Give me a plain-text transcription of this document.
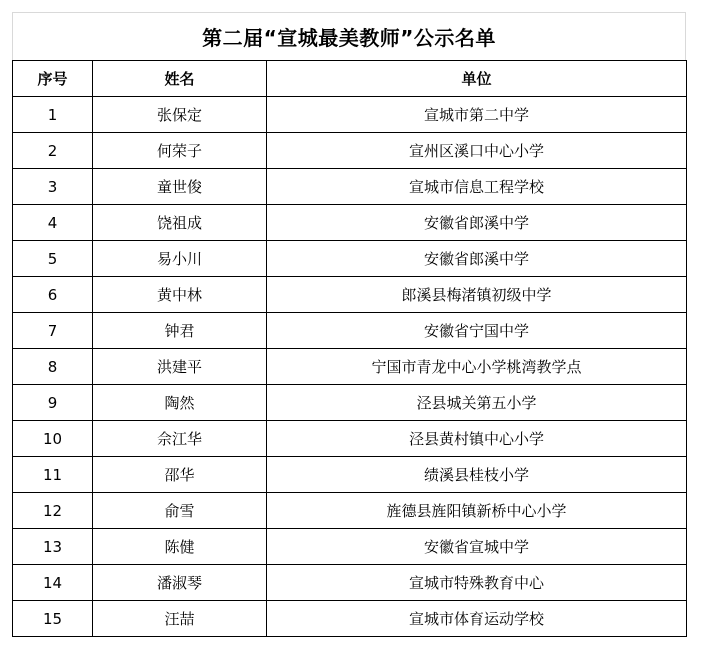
第二届“宣城最美教师”公示名单
序号	姓名	单位
1	张保定	宣城市第二中学
2	何荣子	宣州区溪口中心小学
3	童世俊	宣城市信息工程学校
4	饶祖成	安徽省郎溪中学
5	易小川	安徽省郎溪中学
6	黄中林	郎溪县梅渚镇初级中学
7	钟君	安徽省宁国中学
8	洪建平	宁国市青龙中心小学桃湾教学点
9	陶然	泾县城关第五小学
10	佘江华	泾县黄村镇中心小学
11	邵华	绩溪县桂枝小学
12	俞雪	旌德县旌阳镇新桥中心小学
13	陈健	安徽省宣城中学
14	潘淑琴	宣城市特殊教育中心
15	汪喆	宣城市体育运动学校
